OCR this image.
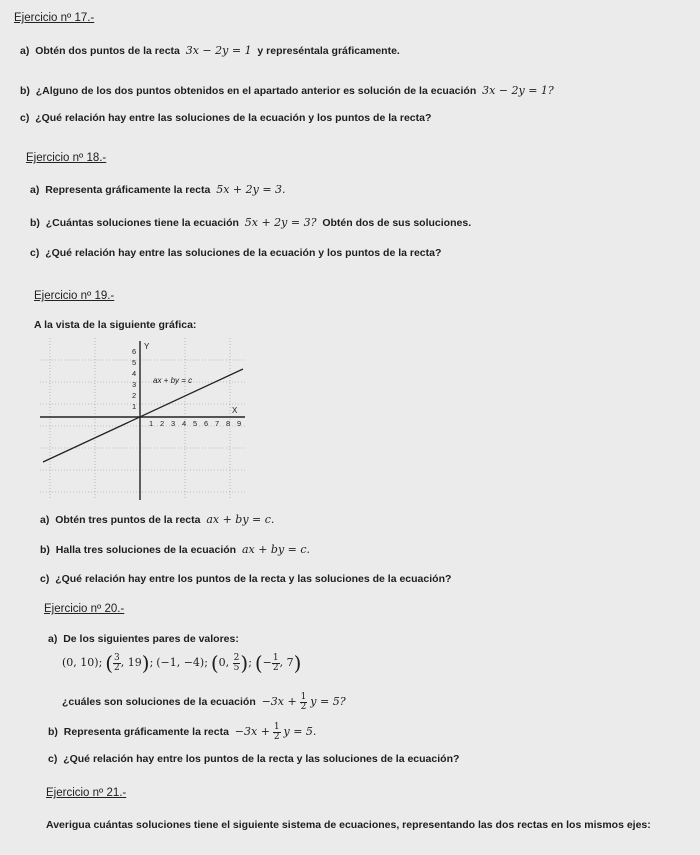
Ejercicio nº 17.-
a) Obtén dos puntos de la recta 3x − 2y = 1 y represéntala gráficamente.
b) ¿Alguno de los dos puntos obtenidos en el apartado anterior es solución de la ecuación 3x − 2y = 1?
c) ¿Qué relación hay entre las soluciones de la ecuación y los puntos de la recta?
Ejercicio nº 18.-
a) Representa gráficamente la recta 5x + 2y = 3.
b) ¿Cuántas soluciones tiene la ecuación 5x + 2y = 3? Obtén dos de sus soluciones.
c) ¿Qué relación hay entre las soluciones de la ecuación y los puntos de la recta?
Ejercicio nº 19.-
A la vista de la siguiente gráfica:
ax + by = c
X
Y
1 2 3 4 5 6 7 8 9
1
2
3
4
5
6
a) Obtén tres puntos de la recta ax + by = c.
b) Halla tres soluciones de la ecuación ax + by = c.
c) ¿Qué relación hay entre los puntos de la recta y las soluciones de la ecuación?
Ejercicio nº 20.-
a) De los siguientes pares de valores:
(0, 10); ( $\frac{3}{2}$ , 19); (−1, −4); (0, $\frac{2}{5}$ ); (− $\frac{1}{2}$ , 7)
¿cuáles son soluciones de la ecuación $-3x + \frac{1}{2}$ y = 5?
b) Representa gráficamente la recta $-3x + \frac{1}{2}$ y = 5.
c) ¿Qué relación hay entre los puntos de la recta y las soluciones de la ecuación?
Ejercicio nº 21.-
Averigua cuántas soluciones tiene el siguiente sistema de ecuaciones, representando las dos rectas en los mismos ejes:
